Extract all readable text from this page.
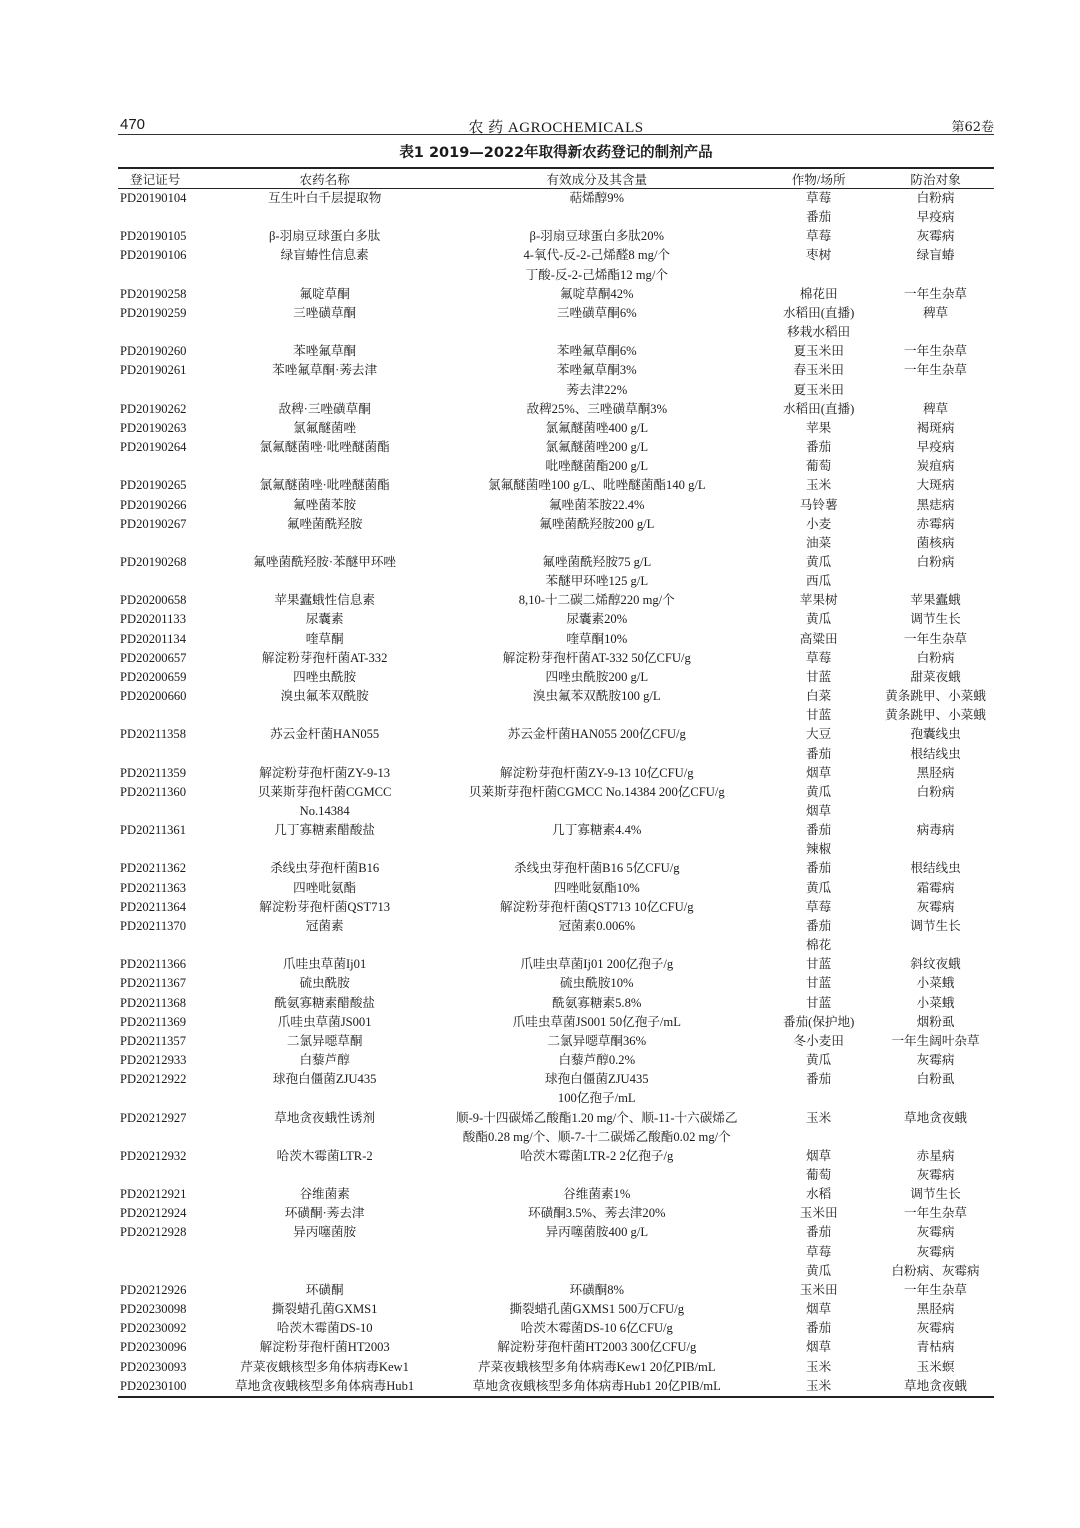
470	农 药 AGROCHEMICALS	第62卷
表1 2019—2022年取得新农药登记的制剂产品
登记证号	农药名称	有效成分及其含量	作物/场所	防治对象
PD20190104	互生叶白千层提取物	萜烯醇9%	草莓	白粉病
			番茄	早疫病
PD20190105	β-羽扇豆球蛋白多肽	β-羽扇豆球蛋白多肽20%	草莓	灰霉病
PD20190106	绿盲蝽性信息素	4-氧代-反-2-己烯醛8 mg/个	枣树	绿盲蝽
		丁酸-反-2-己烯酯12 mg/个		
PD20190258	氟啶草酮	氟啶草酮42%	棉花田	一年生杂草
PD20190259	三唑磺草酮	三唑磺草酮6%	水稻田(直播)	稗草
			移栽水稻田	
PD20190260	苯唑氟草酮	苯唑氟草酮6%	夏玉米田	一年生杂草
PD20190261	苯唑氟草酮·莠去津	苯唑氟草酮3%	春玉米田	一年生杂草
		莠去津22%	夏玉米田	
PD20190262	敌稗·三唑磺草酮	敌稗25%、三唑磺草酮3%	水稻田(直播)	稗草
PD20190263	氯氟醚菌唑	氯氟醚菌唑400 g/L	苹果	褐斑病
PD20190264	氯氟醚菌唑·吡唑醚菌酯	氯氟醚菌唑200 g/L	番茄	早疫病
		吡唑醚菌酯200 g/L	葡萄	炭疽病
PD20190265	氯氟醚菌唑·吡唑醚菌酯	氯氟醚菌唑100 g/L、吡唑醚菌酯140 g/L	玉米	大斑病
PD20190266	氟唑菌苯胺	氟唑菌苯胺22.4%	马铃薯	黑痣病
PD20190267	氟唑菌酰羟胺	氟唑菌酰羟胺200 g/L	小麦	赤霉病
			油菜	菌核病
PD20190268	氟唑菌酰羟胺·苯醚甲环唑	氟唑菌酰羟胺75 g/L	黄瓜	白粉病
		苯醚甲环唑125 g/L	西瓜	
PD20200658	苹果蠹蛾性信息素	8,10-十二碳二烯醇220 mg/个	苹果树	苹果蠹蛾
PD20201133	尿囊素	尿囊素20%	黄瓜	调节生长
PD20201134	喹草酮	喹草酮10%	高粱田	一年生杂草
PD20200657	解淀粉芽孢杆菌AT-332	解淀粉芽孢杆菌AT-332 50亿CFU/g	草莓	白粉病
PD20200659	四唑虫酰胺	四唑虫酰胺200 g/L	甘蓝	甜菜夜蛾
PD20200660	溴虫氟苯双酰胺	溴虫氟苯双酰胺100 g/L	白菜	黄条跳甲、小菜蛾
			甘蓝	黄条跳甲、小菜蛾
PD20211358	苏云金杆菌HAN055	苏云金杆菌HAN055 200亿CFU/g	大豆	孢囊线虫
			番茄	根结线虫
PD20211359	解淀粉芽孢杆菌ZY-9-13	解淀粉芽孢杆菌ZY-9-13 10亿CFU/g	烟草	黑胫病
PD20211360	贝莱斯芽孢杆菌CGMCC	贝莱斯芽孢杆菌CGMCC No.14384 200亿CFU/g	黄瓜	白粉病
	No.14384		烟草	
PD20211361	几丁寡糖素醋酸盐	几丁寡糖素4.4%	番茄	病毒病
			辣椒	
PD20211362	杀线虫芽孢杆菌B16	杀线虫芽孢杆菌B16 5亿CFU/g	番茄	根结线虫
PD20211363	四唑吡氨酯	四唑吡氨酯10%	黄瓜	霜霉病
PD20211364	解淀粉芽孢杆菌QST713	解淀粉芽孢杆菌QST713 10亿CFU/g	草莓	灰霉病
PD20211370	冠菌素	冠菌素0.006%	番茄	调节生长
			棉花	
PD20211366	爪哇虫草菌Ij01	爪哇虫草菌Ij01 200亿孢子/g	甘蓝	斜纹夜蛾
PD20211367	硫虫酰胺	硫虫酰胺10%	甘蓝	小菜蛾
PD20211368	酰氨寡糖素醋酸盐	酰氨寡糖素5.8%	甘蓝	小菜蛾
PD20211369	爪哇虫草菌JS001	爪哇虫草菌JS001 50亿孢子/mL	番茄(保护地)	烟粉虱
PD20211357	二氯异噁草酮	二氯异噁草酮36%	冬小麦田	一年生阔叶杂草
PD20212933	白藜芦醇	白藜芦醇0.2%	黄瓜	灰霉病
PD20212922	球孢白僵菌ZJU435	球孢白僵菌ZJU435	番茄	白粉虱
		100亿孢子/mL		
PD20212927	草地贪夜蛾性诱剂	顺-9-十四碳烯乙酸酯1.20 mg/个、顺-11-十六碳烯乙	玉米	草地贪夜蛾
		酸酯0.28 mg/个、顺-7-十二碳烯乙酸酯0.02 mg/个		
PD20212932	哈茨木霉菌LTR-2	哈茨木霉菌LTR-2 2亿孢子/g	烟草	赤星病
			葡萄	灰霉病
PD20212921	谷维菌素	谷维菌素1%	水稻	调节生长
PD20212924	环磺酮·莠去津	环磺酮3.5%、莠去津20%	玉米田	一年生杂草
PD20212928	异丙噻菌胺	异丙噻菌胺400 g/L	番茄	灰霉病
			草莓	灰霉病
			黄瓜	白粉病、灰霉病
PD20212926	环磺酮	环磺酮8%	玉米田	一年生杂草
PD20230098	撕裂蜡孔菌GXMS1	撕裂蜡孔菌GXMS1 500万CFU/g	烟草	黑胫病
PD20230092	哈茨木霉菌DS-10	哈茨木霉菌DS-10 6亿CFU/g	番茄	灰霉病
PD20230096	解淀粉芽孢杆菌HT2003	解淀粉芽孢杆菌HT2003 300亿CFU/g	烟草	青枯病
PD20230093	芹菜夜蛾核型多角体病毒Kew1	芹菜夜蛾核型多角体病毒Kew1 20亿PIB/mL	玉米	玉米螟
PD20230100	草地贪夜蛾核型多角体病毒Hub1	草地贪夜蛾核型多角体病毒Hub1 20亿PIB/mL	玉米	草地贪夜蛾
